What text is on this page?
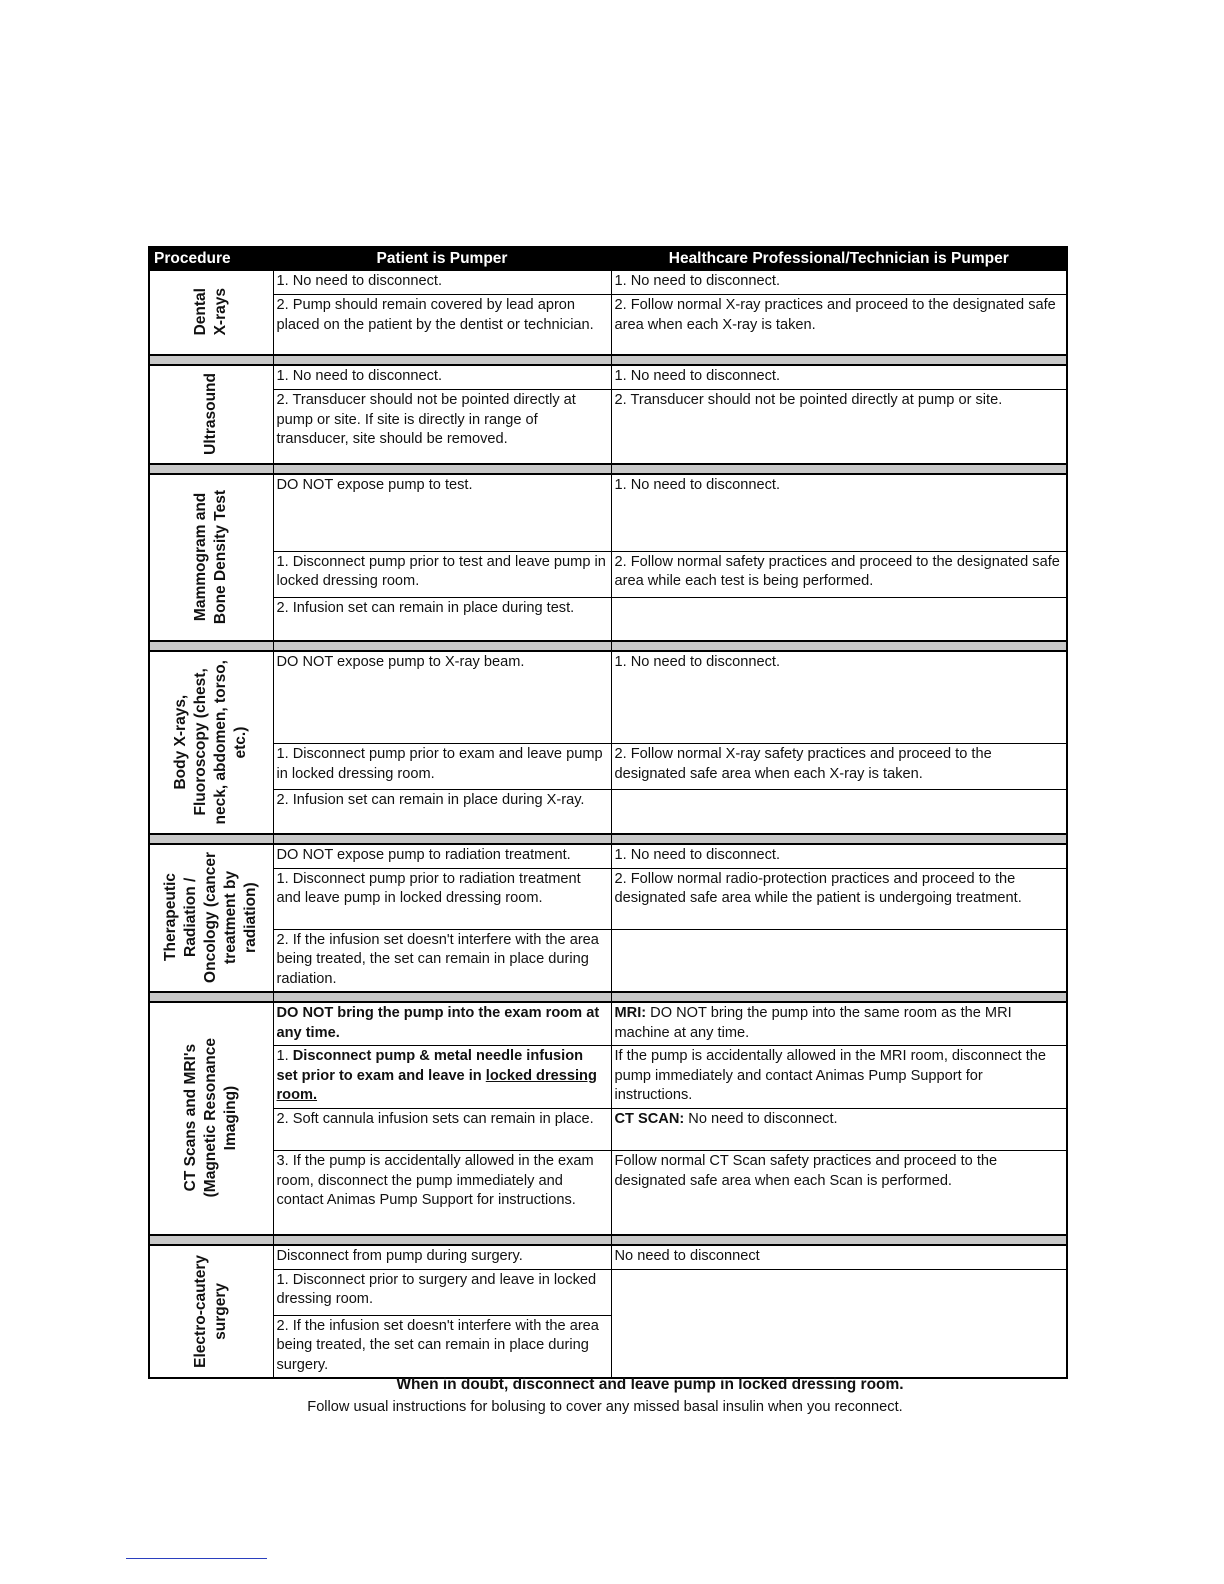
Procedure	Patient is Pumper	Healthcare Professional/Technician is Pumper

Dental
X-rays	1. No need to disconnect.	1. No need to disconnect.
	2. Pump should remain covered by lead apron placed on the patient by the dentist or technician.	2. Follow normal X-ray practices and proceed to the designated safe area when each X-ray is taken.

Ultrasound	1. No need to disconnect.	1. No need to disconnect.
	2. Transducer should not be pointed directly at pump or site. If site is directly in range of transducer, site should be removed.	2. Transducer should not be pointed directly at pump or site.

Mammogram and
Bone Density Test	DO NOT expose pump to test.	1. No need to disconnect.
	1. Disconnect pump prior to test and leave pump in locked dressing room.	2. Follow normal safety practices and proceed to the designated safe area while each test is being performed.
	2. Infusion set can remain in place during test.	

Body X-rays,
Fluoroscopy (chest,
neck, abdomen, torso,
etc.)	DO NOT expose pump to X-ray beam.	1. No need to disconnect.
	1. Disconnect pump prior to exam and leave pump in locked dressing room.	2. Follow normal X-ray safety practices and proceed to the designated safe area when each X-ray is taken.
	2. Infusion set can remain in place during X-ray.	

Therapeutic
Radiation /
Oncology (cancer
treatment by
radiation)	DO NOT expose pump to radiation treatment.	1. No need to disconnect.
	1. Disconnect pump prior to radiation treatment and leave pump in locked dressing room.	2. Follow normal radio-protection practices and proceed to the designated safe area while the patient is undergoing treatment.
	2. If the infusion set doesn't interfere with the area being treated, the set can remain in place during radiation.	

CT Scans and MRI's
(Magnetic Resonance
Imaging)	DO NOT bring the pump into the exam room at any time.	MRI: DO NOT bring the pump into the same room as the MRI machine at any time.
	1. Disconnect pump & metal needle infusion set prior to exam and leave in locked dressing room.	If the pump is accidentally allowed in the MRI room, disconnect the pump immediately and contact Animas Pump Support for instructions.
	2. Soft cannula infusion sets can remain in place.	CT SCAN: No need to disconnect.
	3. If the pump is accidentally allowed in the exam room, disconnect the pump immediately and contact Animas Pump Support for instructions.	Follow normal CT Scan safety practices and proceed to the designated safe area when each Scan is performed.

Electro-cautery
surgery	Disconnect from pump during surgery.	No need to disconnect
	1. Disconnect prior to surgery and leave in locked dressing room.	
	2. If the infusion set doesn't interfere with the area being treated, the set can remain in place during surgery.	
When in doubt, disconnect and leave pump in locked dressing room.
Follow usual instructions for bolusing to cover any missed basal insulin when you reconnect.
